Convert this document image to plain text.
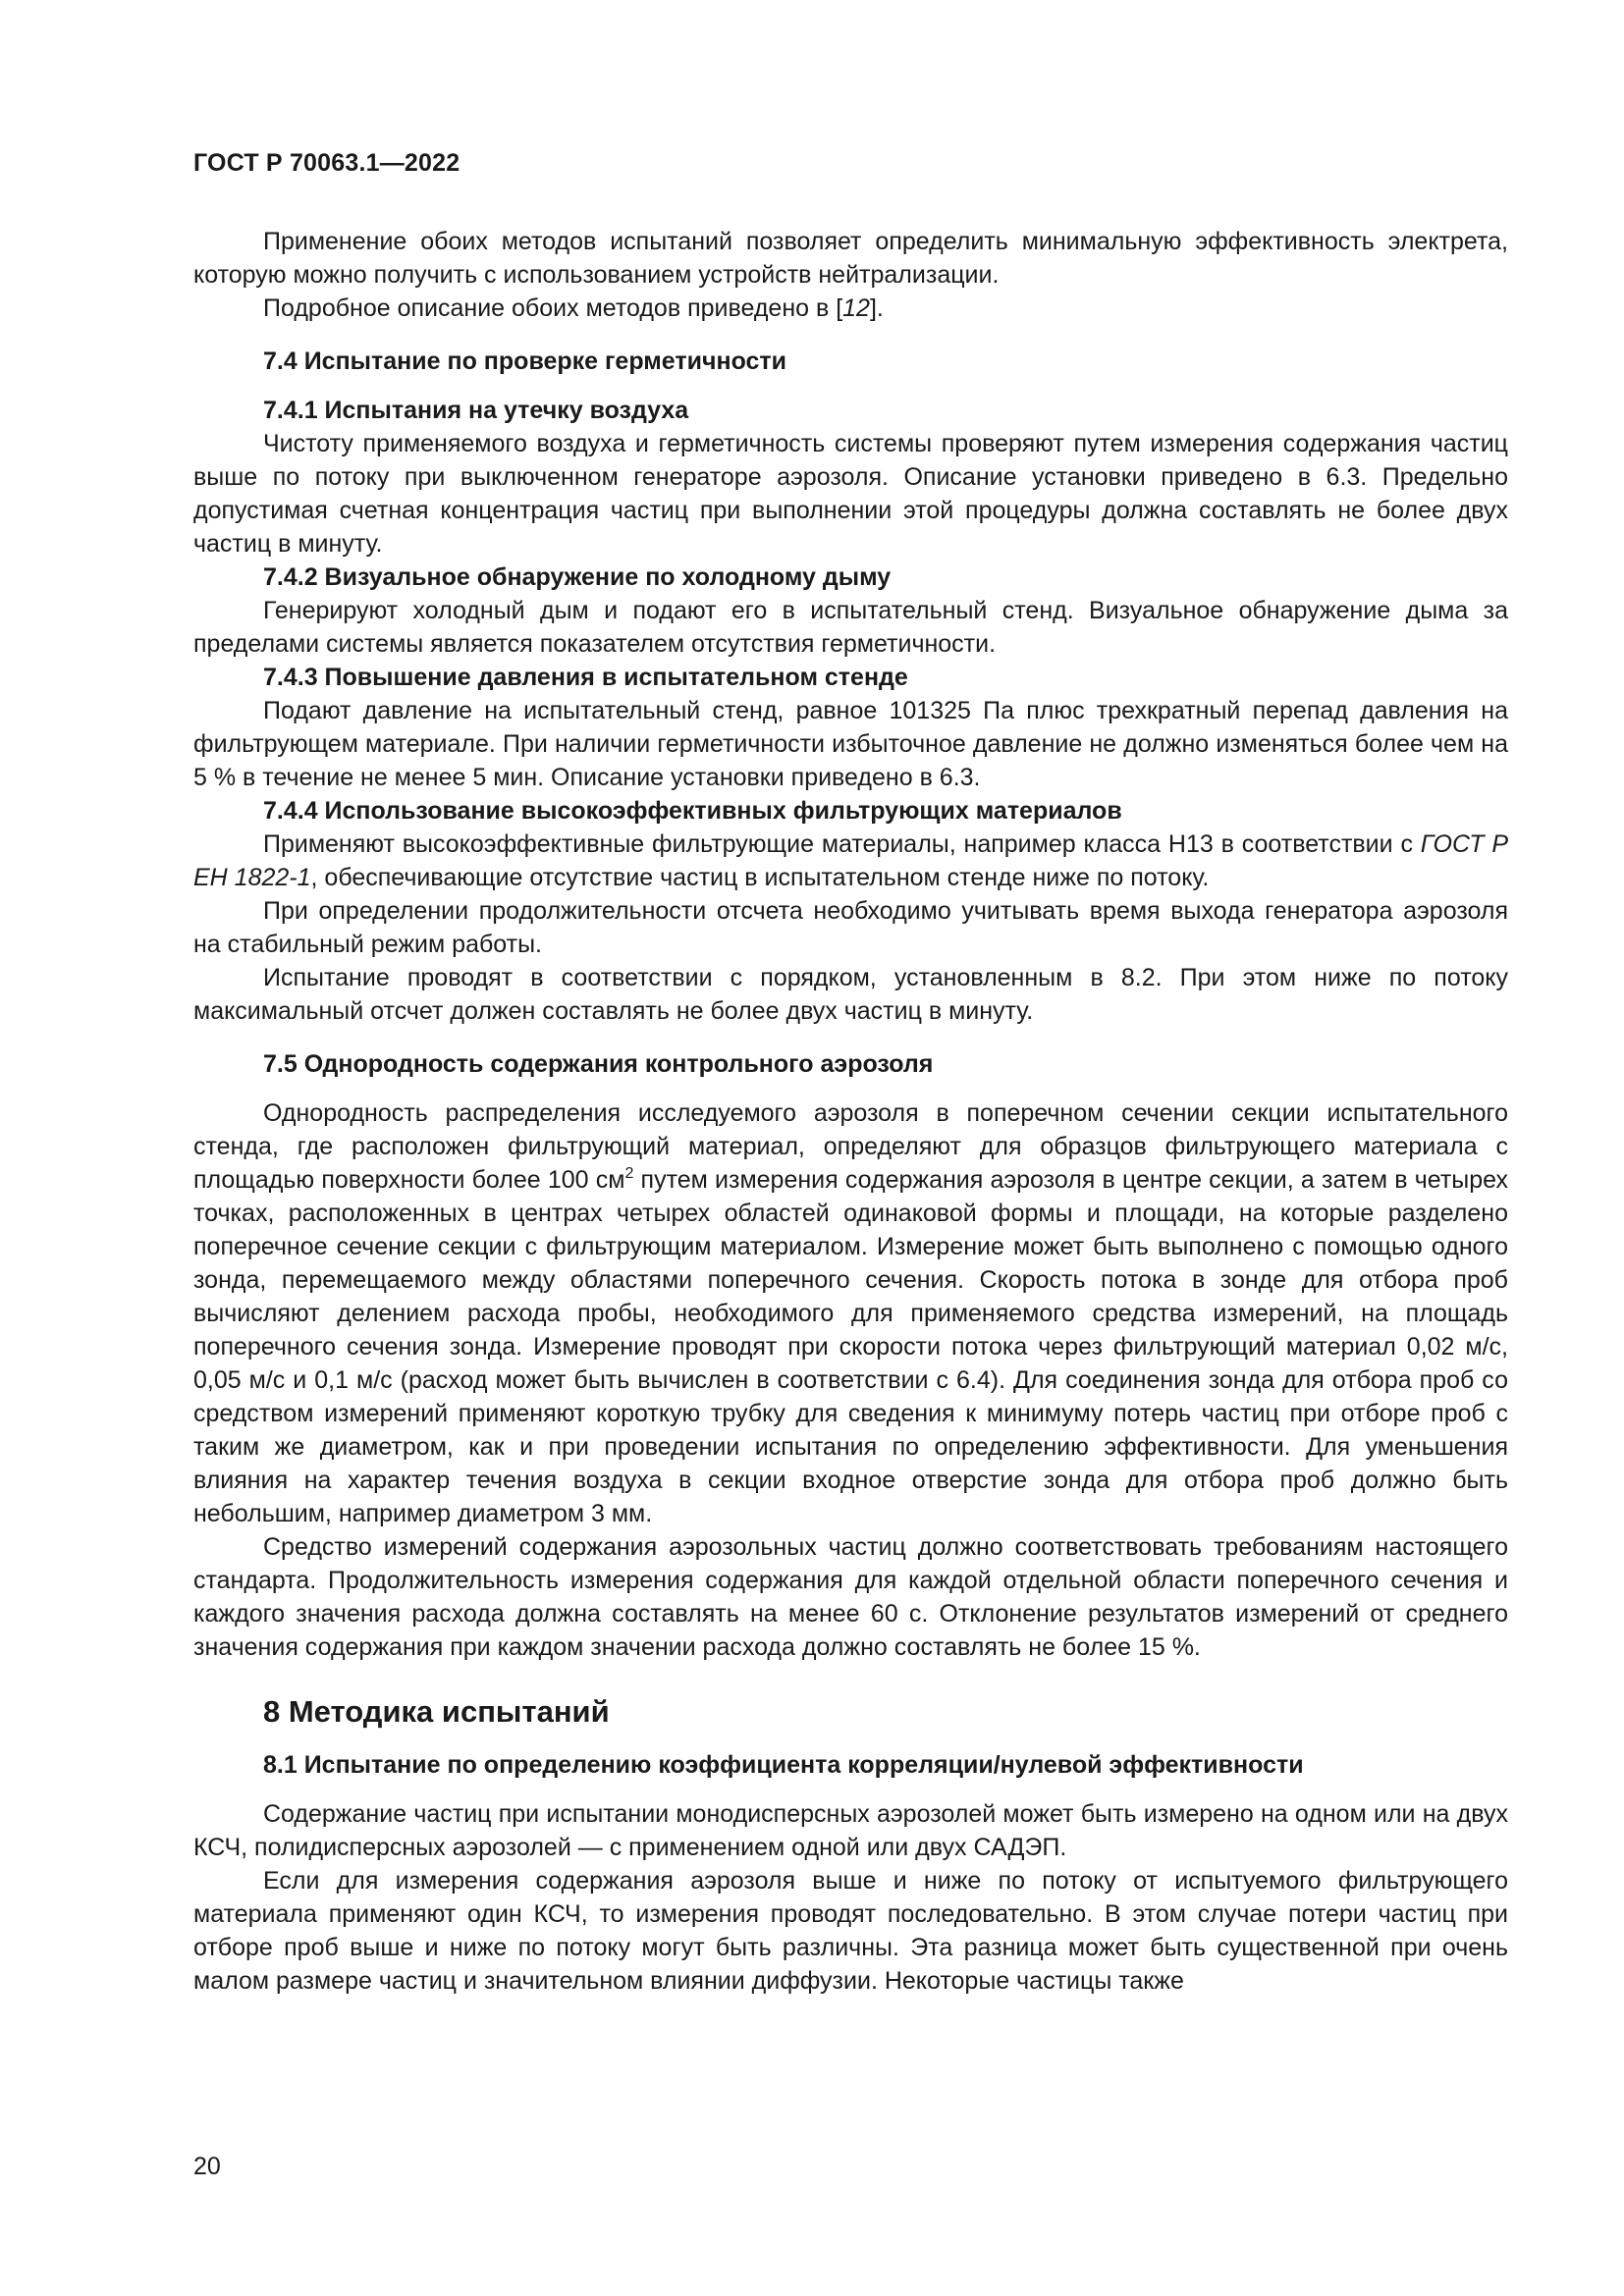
ГОСТ Р 70063.1—2022

Применение обоих методов испытаний позволяет определить минимальную эффективность электрета, которую можно получить с использованием устройств нейтрализации.

Подробное описание обоих методов приведено в [12].

7.4 Испытание по проверке герметичности

7.4.1 Испытания на утечку воздуха

Чистоту применяемого воздуха и герметичность системы проверяют путем измерения содержания частиц выше по потоку при выключенном генераторе аэрозоля. Описание установки приведено в 6.3. Предельно допустимая счетная концентрация частиц при выполнении этой процедуры должна составлять не более двух частиц в минуту.

7.4.2 Визуальное обнаружение по холодному дыму

Генерируют холодный дым и подают его в испытательный стенд. Визуальное обнаружение дыма за пределами системы является показателем отсутствия герметичности.

7.4.3 Повышение давления в испытательном стенде

Подают давление на испытательный стенд, равное 101325 Па плюс трехкратный перепад давления на фильтрующем материале. При наличии герметичности избыточное давление не должно изменяться более чем на 5 % в течение не менее 5 мин. Описание установки приведено в 6.3.

7.4.4 Использование высокоэффективных фильтрующих материалов

Применяют высокоэффективные фильтрующие материалы, например класса Н13 в соответствии с ГОСТ Р ЕН 1822-1, обеспечивающие отсутствие частиц в испытательном стенде ниже по потоку.

При определении продолжительности отсчета необходимо учитывать время выхода генератора аэрозоля на стабильный режим работы.

Испытание проводят в соответствии с порядком, установленным в 8.2. При этом ниже по потоку максимальный отсчет должен составлять не более двух частиц в минуту.

7.5 Однородность содержания контрольного аэрозоля

Однородность распределения исследуемого аэрозоля в поперечном сечении секции испытательного стенда, где расположен фильтрующий материал, определяют для образцов фильтрующего материала с площадью поверхности более 100 $см^2$ путем измерения содержания аэрозоля в центре секции, а затем в четырех точках, расположенных в центрах четырех областей одинаковой формы и площади, на которые разделено поперечное сечение секции с фильтрующим материалом. Измерение может быть выполнено с помощью одного зонда, перемещаемого между областями поперечного сечения. Скорость потока в зонде для отбора проб вычисляют делением расхода пробы, необходимого для применяемого средства измерений, на площадь поперечного сечения зонда. Измерение проводят при скорости потока через фильтрующий материал 0,02 м/с, 0,05 м/с и 0,1 м/с (расход может быть вычислен в соответствии с 6.4). Для соединения зонда для отбора проб со средством измерений применяют короткую трубку для сведения к минимуму потерь частиц при отборе проб с таким же диаметром, как и при проведении испытания по определению эффективности. Для уменьшения влияния на характер течения воздуха в секции входное отверстие зонда для отбора проб должно быть небольшим, например диаметром 3 мм.

Средство измерений содержания аэрозольных частиц должно соответствовать требованиям настоящего стандарта. Продолжительность измерения содержания для каждой отдельной области поперечного сечения и каждого значения расхода должна составлять на менее 60 с. Отклонение результатов измерений от среднего значения содержания при каждом значении расхода должно составлять не более 15 %.

8 Методика испытаний

8.1 Испытание по определению коэффициента корреляции/нулевой эффективности

Содержание частиц при испытании монодисперсных аэрозолей может быть измерено на одном или на двух КСЧ, полидисперсных аэрозолей — с применением одной или двух САДЭП.

Если для измерения содержания аэрозоля выше и ниже по потоку от испытуемого фильтрующего материала применяют один КСЧ, то измерения проводят последовательно. В этом случае потери частиц при отборе проб выше и ниже по потоку могут быть различны. Эта разница может быть существенной при очень малом размере частиц и значительном влиянии диффузии. Некоторые частицы также

20
